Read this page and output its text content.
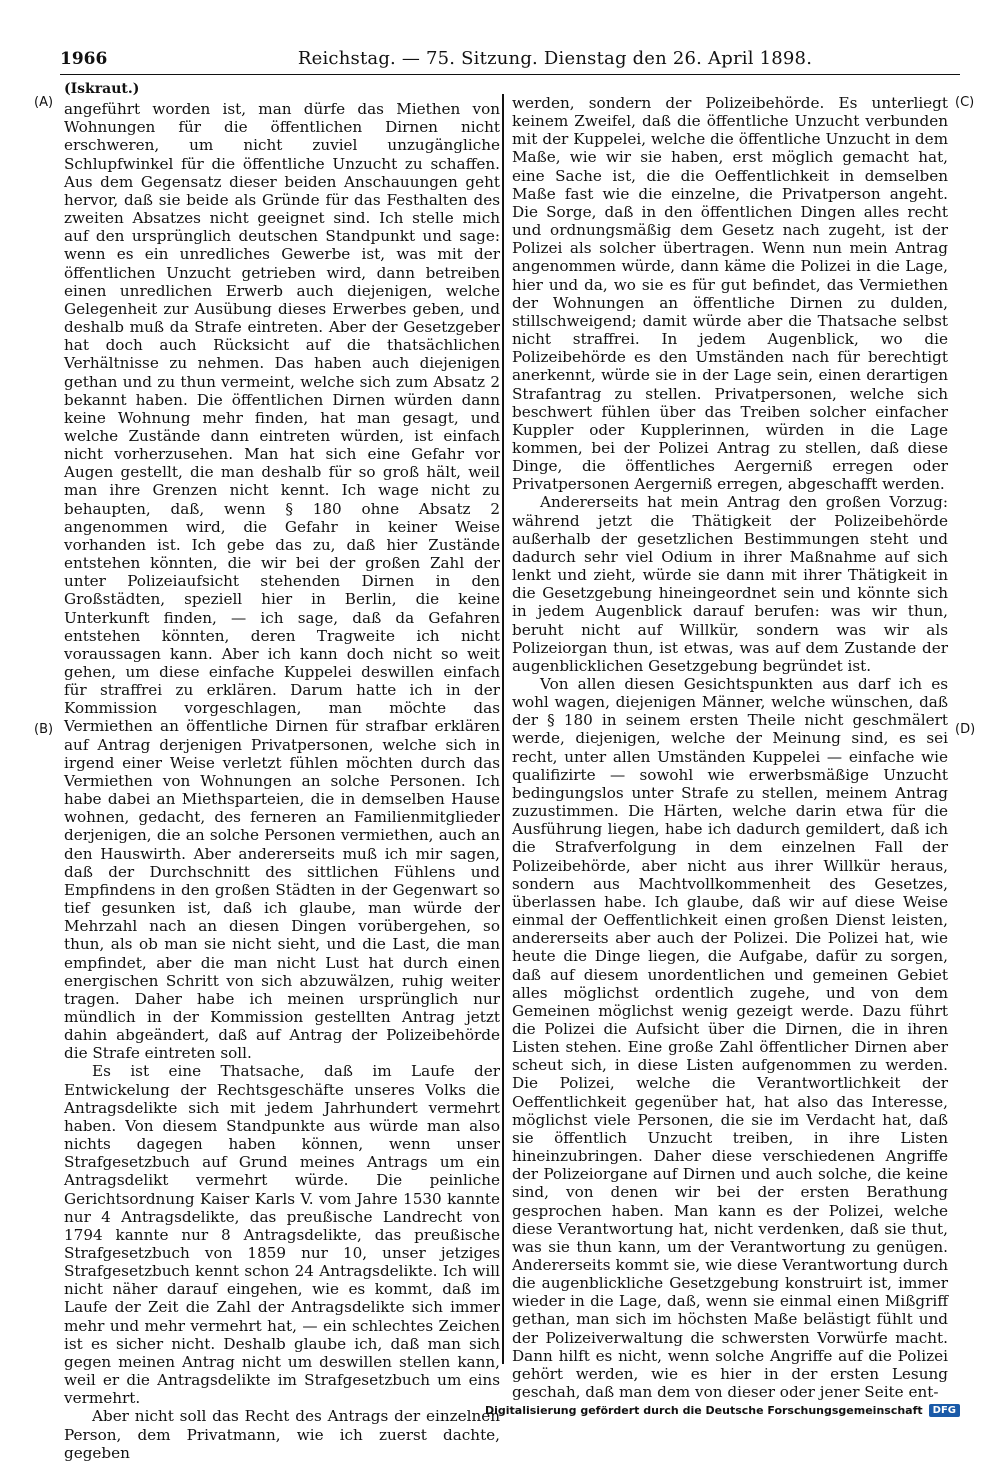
1966	Reichstag. — 75. Sitzung. Dienstag den 26. April 1898.
(A)
(B)
(C)
(D)

(Iskraut.)

angeführt worden ist, man dürfe das Miethen von Wohnungen für die öffentlichen Dirnen nicht erschweren, um nicht zuviel unzugängliche Schlupfwinkel für die öffentliche Unzucht zu schaffen. Aus dem Gegensatz dieser beiden Anschauungen geht hervor, daß sie beide als Gründe für das Festhalten des zweiten Absatzes nicht geeignet sind. Ich stelle mich auf den ursprünglich deutschen Standpunkt und sage: wenn es ein unredliches Gewerbe ist, was mit der öffentlichen Unzucht getrieben wird, dann betreiben einen unredlichen Erwerb auch diejenigen, welche Gelegenheit zur Ausübung dieses Erwerbes geben, und deshalb muß da Strafe eintreten. Aber der Gesetzgeber hat doch auch Rücksicht auf die thatsächlichen Verhältnisse zu nehmen. Das haben auch diejenigen gethan und zu thun vermeint, welche sich zum Absatz 2 bekannt haben. Die öffentlichen Dirnen würden dann keine Wohnung mehr finden, hat man gesagt, und welche Zustände dann eintreten würden, ist einfach nicht vorherzusehen. Man hat sich eine Gefahr vor Augen gestellt, die man deshalb für so groß hält, weil man ihre Grenzen nicht kennt. Ich wage nicht zu behaupten, daß, wenn § 180 ohne Absatz 2 angenommen wird, die Gefahr in keiner Weise vorhanden ist. Ich gebe das zu, daß hier Zustände entstehen könnten, die wir bei der großen Zahl der unter Polizeiaufsicht stehenden Dirnen in den Großstädten, speziell hier in Berlin, die keine Unterkunft finden, — ich sage, daß da Gefahren entstehen könnten, deren Tragweite ich nicht voraussagen kann. Aber ich kann doch nicht so weit gehen, um diese einfache Kuppelei deswillen einfach für straffrei zu erklären. Darum hatte ich in der Kommission vorgeschlagen, man möchte das Vermiethen an öffentliche Dirnen für strafbar erklären auf Antrag derjenigen Privatpersonen, welche sich in irgend einer Weise verletzt fühlen möchten durch das Vermiethen von Wohnungen an solche Personen. Ich habe dabei an Miethsparteien, die in demselben Hause wohnen, gedacht, des ferneren an Familienmitglieder derjenigen, die an solche Personen vermiethen, auch an den Hauswirth. Aber andererseits muß ich mir sagen, daß der Durchschnitt des sittlichen Fühlens und Empfindens in den großen Städten in der Gegenwart so tief gesunken ist, daß ich glaube, man würde der Mehrzahl nach an diesen Dingen vorübergehen, so thun, als ob man sie nicht sieht, und die Last, die man empfindet, aber die man nicht Lust hat durch einen energischen Schritt von sich abzuwälzen, ruhig weiter tragen. Daher habe ich meinen ursprünglich nur mündlich in der Kommission gestellten Antrag jetzt dahin abgeändert, daß auf Antrag der Polizeibehörde die Strafe eintreten soll.

Es ist eine Thatsache, daß im Laufe der Entwickelung der Rechtsgeschäfte unseres Volks die Antragsdelikte sich mit jedem Jahrhundert vermehrt haben. Von diesem Standpunkte aus würde man also nichts dagegen haben können, wenn unser Strafgesetzbuch auf Grund meines Antrags um ein Antragsdelikt vermehrt würde. Die peinliche Gerichtsordnung Kaiser Karls V. vom Jahre 1530 kannte nur 4 Antragsdelikte, das preußische Landrecht von 1794 kannte nur 8 Antragsdelikte, das preußische Strafgesetzbuch von 1859 nur 10, unser jetziges Strafgesetzbuch kennt schon 24 Antragsdelikte. Ich will nicht näher darauf eingehen, wie es kommt, daß im Laufe der Zeit die Zahl der Antragsdelikte sich immer mehr und mehr vermehrt hat, — ein schlechtes Zeichen ist es sicher nicht. Deshalb glaube ich, daß man sich gegen meinen Antrag nicht um deswillen stellen kann, weil er die Antragsdelikte im Strafgesetzbuch um eins vermehrt.

Aber nicht soll das Recht des Antrags der einzelnen Person, dem Privatmann, wie ich zuerst dachte, gegeben

werden, sondern der Polizeibehörde. Es unterliegt keinem Zweifel, daß die öffentliche Unzucht verbunden mit der Kuppelei, welche die öffentliche Unzucht in dem Maße, wie wir sie haben, erst möglich gemacht hat, eine Sache ist, die die Oeffentlichkeit in demselben Maße fast wie die einzelne, die Privatperson angeht. Die Sorge, daß in den öffentlichen Dingen alles recht und ordnungsmäßig dem Gesetz nach zugeht, ist der Polizei als solcher übertragen. Wenn nun mein Antrag angenommen würde, dann käme die Polizei in die Lage, hier und da, wo sie es für gut befindet, das Vermiethen der Wohnungen an öffentliche Dirnen zu dulden, stillschweigend; damit würde aber die Thatsache selbst nicht straffrei. In jedem Augenblick, wo die Polizeibehörde es den Umständen nach für berechtigt anerkennt, würde sie in der Lage sein, einen derartigen Strafantrag zu stellen. Privatpersonen, welche sich beschwert fühlen über das Treiben solcher einfacher Kuppler oder Kupplerinnen, würden in die Lage kommen, bei der Polizei Antrag zu stellen, daß diese Dinge, die öffentliches Aergerniß erregen oder Privatpersonen Aergerniß erregen, abgeschafft werden.

Andererseits hat mein Antrag den großen Vorzug: während jetzt die Thätigkeit der Polizeibehörde außerhalb der gesetzlichen Bestimmungen steht und dadurch sehr viel Odium in ihrer Maßnahme auf sich lenkt und zieht, würde sie dann mit ihrer Thätigkeit in die Gesetzgebung hineingeordnet sein und könnte sich in jedem Augenblick darauf berufen: was wir thun, beruht nicht auf Willkür, sondern was wir als Polizeiorgan thun, ist etwas, was auf dem Zustande der augenblicklichen Gesetzgebung begründet ist.

Von allen diesen Gesichtspunkten aus darf ich es wohl wagen, diejenigen Männer, welche wünschen, daß der § 180 in seinem ersten Theile nicht geschmälert werde, diejenigen, welche der Meinung sind, es sei recht, unter allen Umständen Kuppelei — einfache wie qualifizirte — sowohl wie erwerbsmäßige Unzucht bedingungslos unter Strafe zu stellen, meinem Antrag zuzustimmen. Die Härten, welche darin etwa für die Ausführung liegen, habe ich dadurch gemildert, daß ich die Strafverfolgung in dem einzelnen Fall der Polizeibehörde, aber nicht aus ihrer Willkür heraus, sondern aus Machtvollkommenheit des Gesetzes, überlassen habe. Ich glaube, daß wir auf diese Weise einmal der Oeffentlichkeit einen großen Dienst leisten, andererseits aber auch der Polizei. Die Polizei hat, wie heute die Dinge liegen, die Aufgabe, dafür zu sorgen, daß auf diesem unordentlichen und gemeinen Gebiet alles möglichst ordentlich zugehe, und von dem Gemeinen möglichst wenig gezeigt werde. Dazu führt die Polizei die Aufsicht über die Dirnen, die in ihren Listen stehen. Eine große Zahl öffentlicher Dirnen aber scheut sich, in diese Listen aufgenommen zu werden. Die Polizei, welche die Verantwortlichkeit der Oeffentlichkeit gegenüber hat, hat also das Interesse, möglichst viele Personen, die sie im Verdacht hat, daß sie öffentlich Unzucht treiben, in ihre Listen hineinzubringen. Daher diese verschiedenen Angriffe der Polizeiorgane auf Dirnen und auch solche, die keine sind, von denen wir bei der ersten Berathung gesprochen haben. Man kann es der Polizei, welche diese Verantwortung hat, nicht verdenken, daß sie thut, was sie thun kann, um der Verantwortung zu genügen. Andererseits kommt sie, wie diese Verantwortung durch die augenblickliche Gesetzgebung konstruirt ist, immer wieder in die Lage, daß, wenn sie einmal einen Mißgriff gethan, man sich im höchsten Maße belästigt fühlt und der Polizeiverwaltung die schwersten Vorwürfe macht. Dann hilft es nicht, wenn solche Angriffe auf die Polizei gehört werden, wie es hier in der ersten Lesung geschah, daß man dem von dieser oder jener Seite ent-

Digitalisierung gefördert durch die Deutsche Forschungsgemeinschaft	DFG
